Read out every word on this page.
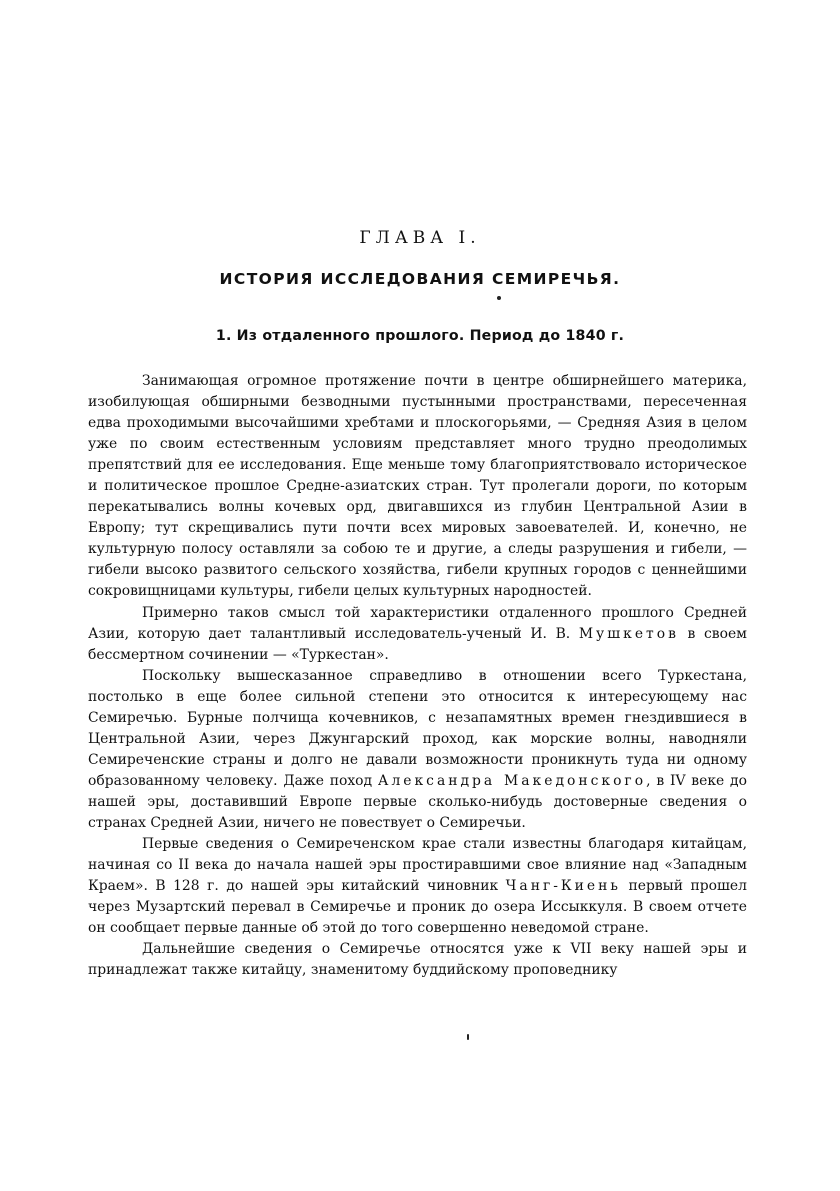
ГЛАВА I.
ИСТОРИЯ ИССЛЕДОВАНИЯ СЕМИРЕЧЬЯ.
1. Из отдаленного прошлого. Период до 1840 г.

Занимающая огромное протяжение почти в центре обширнейшего материка, изобилующая обширными безводными пустынными пространствами, пересеченная едва проходимыми высочайшими хребтами и плоскогорьями, — Средняя Азия в целом уже по своим естественным условиям представляет много трудно преодолимых препятствий для ее исследования. Еще меньше тому благоприятствовало историческое и политическое прошлое Средне-азиатских стран. Тут пролегали дороги, по которым перекатывались волны кочевых орд, двигавшихся из глубин Центральной Азии в Европу; тут скрещивались пути почти всех мировых завоевателей. И, конечно, не культурную полосу оставляли за собою те и другие, а следы разрушения и гибели, — гибели высоко развитого сельского хозяйства, гибели крупных городов с ценнейшими сокровищницами культуры, гибели целых культурных народностей.

Примерно таков смысл той характеристики отдаленного прошлого Средней Азии, которую дает талантливый исследователь-ученый И. В. Мушкетов в своем бессмертном сочинении — «Туркестан».

Поскольку вышесказанное справедливо в отношении всего Туркестана, постолько в еще более сильной степени это относится к интересующему нас Семиречью. Бурные полчища кочевников, с незапамятных времен гнездившиеся в Центральной Азии, через Джунгарский проход, как морские волны, наводняли Семиреченские страны и долго не давали возможности проникнуть туда ни одному образованному человеку. Даже поход Александра Македонского, в IV веке до нашей эры, доставивший Европе первые сколько-нибудь достоверные сведения о странах Средней Азии, ничего не повествует о Семиречьи.

Первые сведения о Семиреченском крае стали известны благодаря китайцам, начиная со II века до начала нашей эры простиравшими свое влияние над «Западным Краем». В 128 г. до нашей эры китайский чиновник Чанг-Киень первый прошел через Музартский перевал в Семиречье и проник до озера Иссыккуля. В своем отчете он сообщает первые данные об этой до того совершенно неведомой стране.

Дальнейшие сведения о Семиречье относятся уже к VII веку нашей эры и принадлежат также китайцу, знаменитому буддийскому проповеднику
